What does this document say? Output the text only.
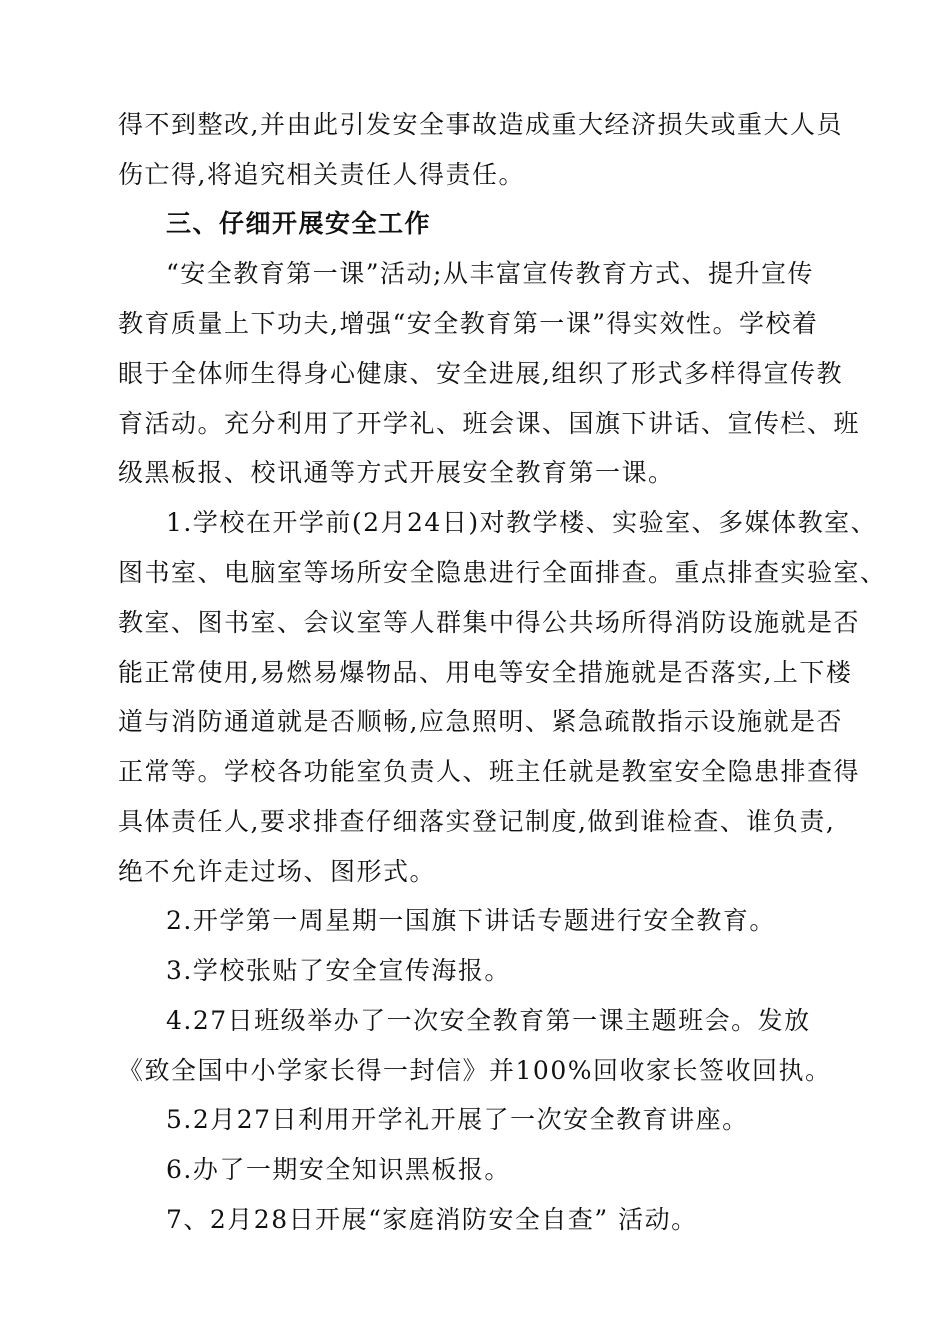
得不到整改,并由此引发安全事故造成重大经济损失或重大人员
伤亡得,将追究相关责任人得责任。
三、仔细开展安全工作
“安全教育第一课”活动;从丰富宣传教育方式、提升宣传
教育质量上下功夫,增强“安全教育第一课”得实效性。学校着
眼于全体师生得身心健康、安全进展,组织了形式多样得宣传教
育活动。充分利用了开学礼、班会课、国旗下讲话、宣传栏、班
级黑板报、校讯通等方式开展安全教育第一课。
1.学校在开学前(2月24日)对教学楼、实验室、多媒体教室、
图书室、电脑室等场所安全隐患进行全面排查。重点排查实验室、
教室、图书室、会议室等人群集中得公共场所得消防设施就是否
能正常使用,易燃易爆物品、用电等安全措施就是否落实,上下楼
道与消防通道就是否顺畅,应急照明、紧急疏散指示设施就是否
正常等。学校各功能室负责人、班主任就是教室安全隐患排查得
具体责任人,要求排查仔细落实登记制度,做到谁检查、谁负责,
绝不允许走过场、图形式。
2.开学第一周星期一国旗下讲话专题进行安全教育。
3.学校张贴了安全宣传海报。
4.27日班级举办了一次安全教育第一课主题班会。发放
《致全国中小学家长得一封信》并100%回收家长签收回执。
5.2月27日利用开学礼开展了一次安全教育讲座。
6.办了一期安全知识黑板报。
7、2月28日开展“家庭消防安全自查” 活动。
